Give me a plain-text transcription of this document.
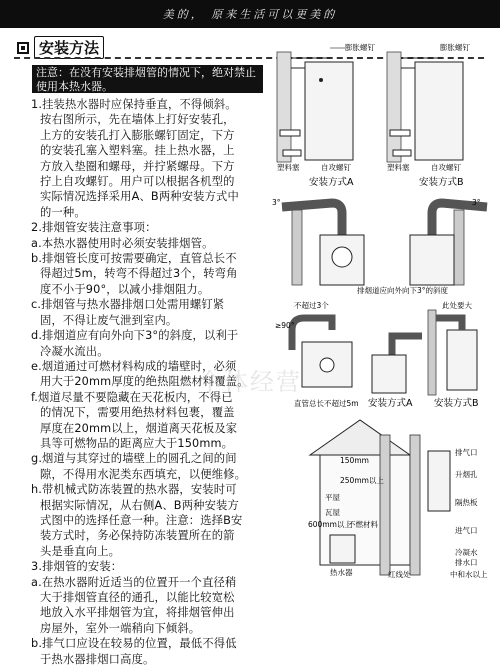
美的， 原来生活可以更美的
安装方法
注意：在没有安装排烟管的情况下，绝对禁止使用本热水器。
1.挂装热水器时应保持垂直，不得倾斜。
按右图所示，先在墙体上打好安装孔，
上方的安装孔打入膨胀螺钉固定，下方
的安装孔塞入塑料塞。挂上热水器，上
方放入垫圈和螺母，并拧紧螺母。下方
拧上自攻螺钉。用户可以根据各机型的
实际情况选择采用A、B两种安装方式中
的一种。
2.排烟管安装注意事项：
a.本热水器使用时必须安装排烟管。
b.排烟管长度可按需要确定，直管总长不
得超过5m，转弯不得超过3个，转弯角
度不小于90°，以减小排烟阻力。
c.排烟管与热水器排烟口处需用螺钉紧
固，不得让废气泄到室内。
d.排烟道应有向外向下3°的斜度，以利于
冷凝水流出。
e.烟道通过可燃材料构成的墙壁时，必须
用大于20mm厚度的绝热阻燃材料覆盖。
f.烟道尽量不要隐藏在天花板内，不得已
的情况下，需要用绝热材料包裹，覆盖
厚度在20mm以上，烟道离天花板及家
具等可燃物品的距离应大于150mm。
g.烟道与其穿过的墙壁上的圆孔之间的间
隙，不得用水泥类东西填充，以便维修。
h.带机械式防冻装置的热水器，安装时可
根据实际情况，从右侧A、B两种安装方
式图中的选择任意一种。注意：选择B安
装方式时，务必保持防冻装置所在的箭
头是垂直向上。
3.排烟管的安装：
a.在热水器附近适当的位置开一个直径稍
大于排烟管直径的通孔，以能比较宽松
地放入水平排烟管为宜，将排烟管伸出
房屋外，室外一端稍向下倾斜。
b.排气口应设在较易的位置，最低不得低
于热水器排烟口高度。
个体经营
膨胀螺钉
塑料塞	自攻螺钉
安装方式A
膨胀螺钉
塑料塞	自攻螺钉
安装方式B
3°	3°
排烟道应向外向下3°的斜度
不超过3个
≥90°
直管总长不超过5m
此处要大
安装方式A 安装方式B
150mm
250mm以上
平屋
瓦屋
600mm以上
不燃材料
热水器
排气口
升烟孔
隔热板
进气口
冷凝水
排水口
中和水以上
红线处
